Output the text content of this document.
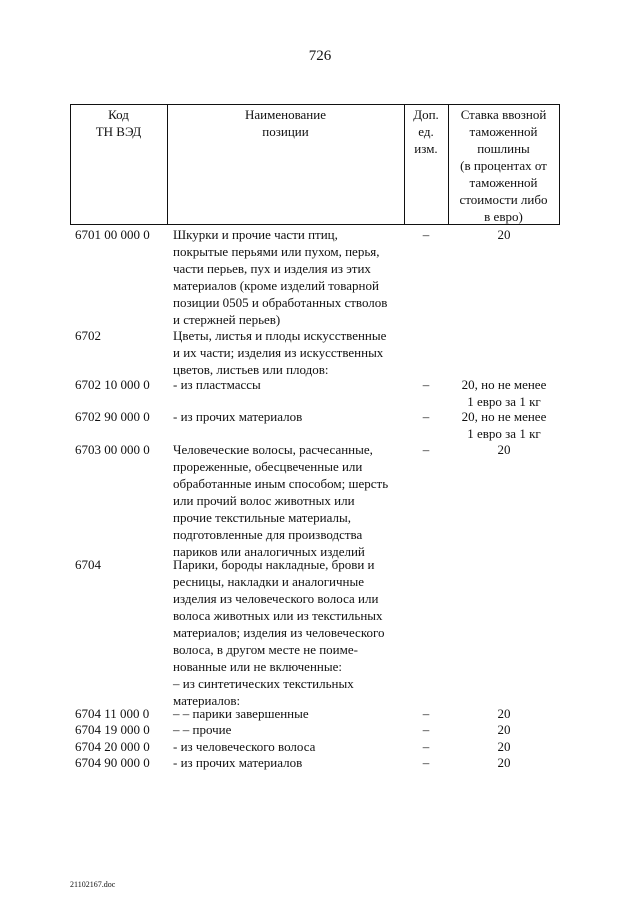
726
Код
ТН ВЭД
Наименование
позиции
Доп.
ед.
изм.
Ставка ввозной
таможенной
пошлины
(в процентах от
таможенной
стоимости либо
в евро)
6701 00 000 0	Шкурки и прочие части птиц,
покрытые перьями или пухом, перья,
части перьев, пух и изделия из этих
материалов (кроме изделий товарной
позиции 0505 и обработанных стволов
и стержней перьев)
–	20
6702	Цветы, листья и плоды искусственные
и их части; изделия из искусственных
цветов, листьев или плодов:
6702 10 000 0	- из пластмассы	–	20, но не менее
1 евро за 1 кг
6702 90 000 0	- из прочих материалов	–	20, но не менее
1 евро за 1 кг
6703 00 000 0	Человеческие волосы, расчесанные,
прореженные, обесцвеченные или
обработанные иным способом; шерсть
или прочий волос животных или
прочие текстильные материалы,
подготовленные для производства
париков или аналогичных изделий
–	20
6704	Парики, бороды накладные, брови и
ресницы, накладки и аналогичные
изделия из человеческого волоса или
волоса животных или из текстильных
материалов; изделия из человеческого
волоса, в другом месте не поиме-
нованные или не включенные:
– из синтетических текстильных
материалов:
6704 11 000 0	– – парики завершенные	–	20
6704 19 000 0	– – прочие	–	20
6704 20 000 0	- из человеческого волоса	–	20
6704 90 000 0	- из прочих материалов	–	20
21102167.doc
